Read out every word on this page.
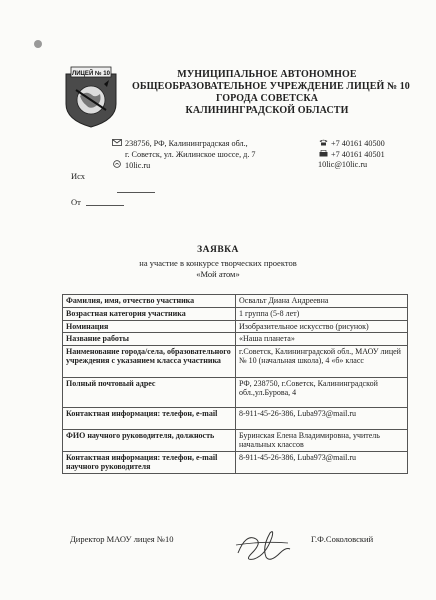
ЛИЦЕЙ № 10	МУНИЦИПАЛЬНОЕ АВТОНОМНОЕ
ОБЩЕОБРАЗОВАТЕЛЬНОЕ УЧРЕЖДЕНИЕ ЛИЦЕЙ № 10
ГОРОДА СОВЕТСКА
КАЛИНИНГРАДСКОЙ ОБЛАСТИ
238756, РФ, Калининградская обл.,
г. Советск, ул. Жилинское шоссе, д. 7
10lic.ru
+7 40161 40500
+7 40161 40501
10lic@10lic.ru
Исх
От
ЗАЯВКА
на участие в конкурсе творческих проектов
«Мой атом»
Фамилия, имя, отчество участника	Освальт Диана Андреевна
Возрастная категория участника	1 группа (5-8 лет)
Номинация	Изобразительное искусство (рисунок)
Название работы	«Наша планета»
Наименование города/села, образовательного учреждения с указанием класса участника	г.Советск, Калининградской обл., МАОУ лицей № 10 (начальная школа), 4 «б» класс
Полный почтовый адрес	РФ, 238750, г.Советск, Калининградской обл.,ул.Бурова, 4
Контактная информация: телефон, e-mail	8-911-45-26-386, Luba973@mail.ru
ФИО научного руководителя, должность	Буринская Елена Владимировна, учитель начальных классов
Контактная информация: телефон, e-mail научного руководителя	8-911-45-26-386, Luba973@mail.ru
Директор МАОУ лицея №10	Г.Ф.Соколовский
